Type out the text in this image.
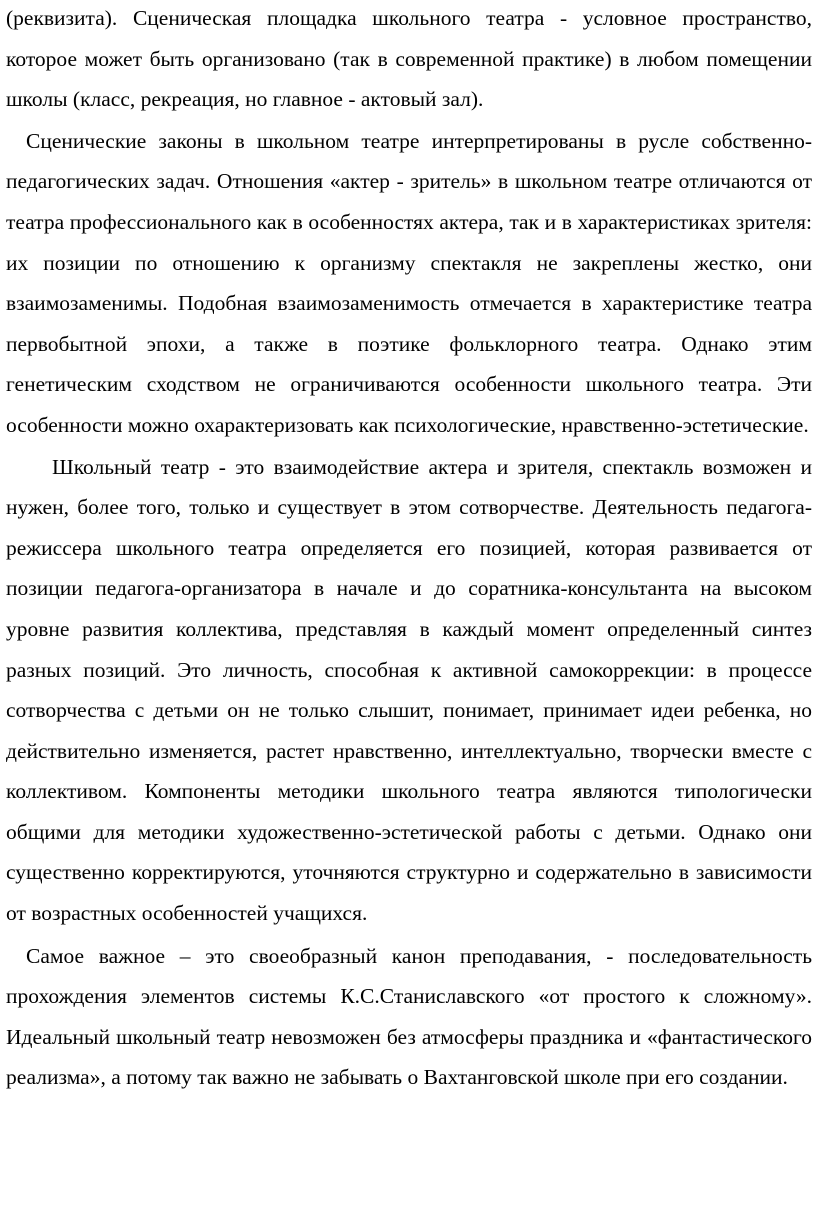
(реквизита). Сценическая площадка школьного театра - условное пространство, которое может быть организовано (так в современной практике) в любом помещении школы (класс, рекреация, но главное - актовый зал).

Сценические законы в школьном театре интерпретированы в русле собственно-педагогических задач. Отношения «актер - зритель» в школьном театре отличаются от театра профессионального как в особенностях актера, так и в характеристиках зрителя: их позиции по отношению к организму спектакля не закреплены жестко, они взаимозаменимы. Подобная взаимозаменимость отмечается в характеристике театра первобытной эпохи, а также в поэтике фольклорного театра. Однако этим генетическим сходством не ограничиваются особенности школьного театра. Эти особенности можно охарактеризовать как психологические, нравственно-эстетические.

Школьный театр - это взаимодействие актера и зрителя, спектакль возможен и нужен, более того, только и существует в этом сотворчестве. Деятельность педагога-режиссера школьного театра определяется его позицией, которая развивается от позиции педагога-организатора в начале и до соратника-консультанта на высоком уровне развития коллектива, представляя в каждый момент определенный синтез разных позиций. Это личность, способная к активной самокоррекции: в процессе сотворчества с детьми он не только слышит, понимает, принимает идеи ребенка, но действительно изменяется, растет нравственно, интеллектуально, творчески вместе с коллективом. Компоненты методики школьного театра являются типологически общими для методики художественно-эстетической работы с детьми. Однако они существенно корректируются, уточняются структурно и содержательно в зависимости от возрастных особенностей учащихся.

Самое важное – это своеобразный канон преподавания, - последовательность прохождения элементов системы К.С.Станиславского «от простого к сложному». Идеальный школьный театр невозможен без атмосферы праздника и «фантастического реализма», а потому так важно не забывать о Вахтанговской школе при его создании.
